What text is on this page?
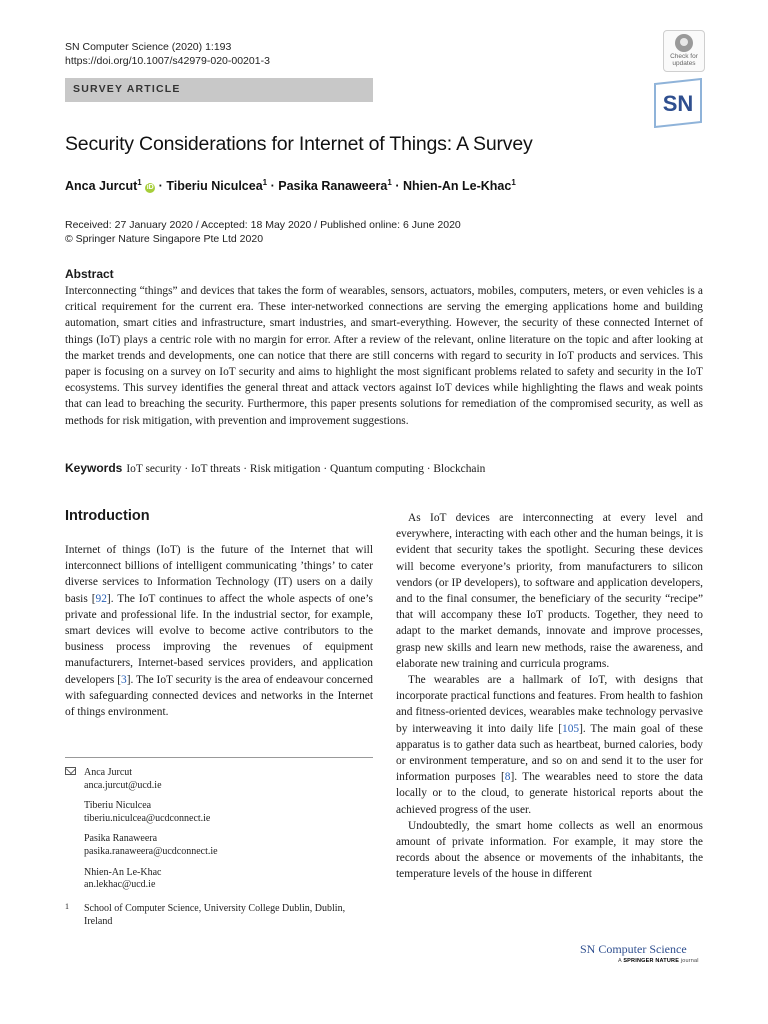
SN Computer Science (2020) 1:193
https://doi.org/10.1007/s42979-020-00201-3
SURVEY ARTICLE
Check for updates
SN
Security Considerations for Internet of Things: A Survey
Anca Jurcut$^1$ iD · Tiberiu Niculcea$^1$ · Pasika Ranaweera$^1$ · Nhien-An Le-Khac$^1$
Received: 27 January 2020 / Accepted: 18 May 2020 / Published online: 6 June 2020
© Springer Nature Singapore Pte Ltd 2020
Abstract
Interconnecting “things” and devices that takes the form of wearables, sensors, actuators, mobiles, computers, meters, or even vehicles is a critical requirement for the current era. These inter-networked connections are serving the emerging applications home and building automation, smart cities and infrastructure, smart industries, and smart-everything. However, the security of these connected Internet of things (IoT) plays a centric role with no margin for error. After a review of the relevant, online literature on the topic and after looking at the market trends and developments, one can notice that there are still concerns with regard to security in IoT products and services. This paper is focusing on a survey on IoT security and aims to highlight the most significant problems related to safety and security in the IoT ecosystems. This survey identifies the general threat and attack vectors against IoT devices while highlighting the flaws and weak points that can lead to breaching the security. Furthermore, this paper presents solutions for remediation of the compromised security, as well as methods for risk mitigation, with prevention and improvement suggestions.
Keywords IoT security · IoT threats · Risk mitigation · Quantum computing · Blockchain
Introduction
Internet of things (IoT) is the future of the Internet that will interconnect billions of intelligent communicating ’things’ to cater diverse services to Information Technology (IT) users on a daily basis [92]. The IoT continues to affect the whole aspects of one’s private and professional life. In the industrial sector, for example, smart devices will evolve to become active contributors to the business process improving the revenues of equipment manufacturers, Internet-based services providers, and application developers [3]. The IoT security is the area of endeavour concerned with safeguarding connected devices and networks in the Internet of things environment.

As IoT devices are interconnecting at every level and everywhere, interacting with each other and the human beings, it is evident that security takes the spotlight. Securing these devices will become everyone’s priority, from manufacturers to silicon vendors (or IP developers), to software and application developers, and to the final consumer, the beneficiary of the security “recipe” that will accompany these IoT products. Together, they need to adapt to the market demands, innovate and improve processes, grasp new skills and learn new methods, raise the awareness, and elaborate new training and curricula programs.

The wearables are a hallmark of IoT, with designs that incorporate practical functions and features. From health to fashion and fitness-oriented devices, wearables make technology pervasive by interweaving it into daily life [105]. The main goal of these apparatus is to gather data such as heartbeat, burned calories, body or environment temperature, and so on and send it to the user for information purposes [8]. The wearables need to store the data locally or to the cloud, to generate historical reports about the achieved progress of the user.

Undoubtedly, the smart home collects as well an enormous amount of private information. For example, it may store the records about the absence or movements of the inhabitants, the temperature levels of the house in different

Anca Jurcut
anca.jurcut@ucd.ie
Tiberiu Niculcea
tiberiu.niculcea@ucdconnect.ie
Pasika Ranaweera
pasika.ranaweera@ucdconnect.ie
Nhien-An Le-Khac
an.lekhac@ucd.ie
1 School of Computer Science, University College Dublin, Dublin, Ireland
SN Computer Science
A SPRINGER NATURE journal
